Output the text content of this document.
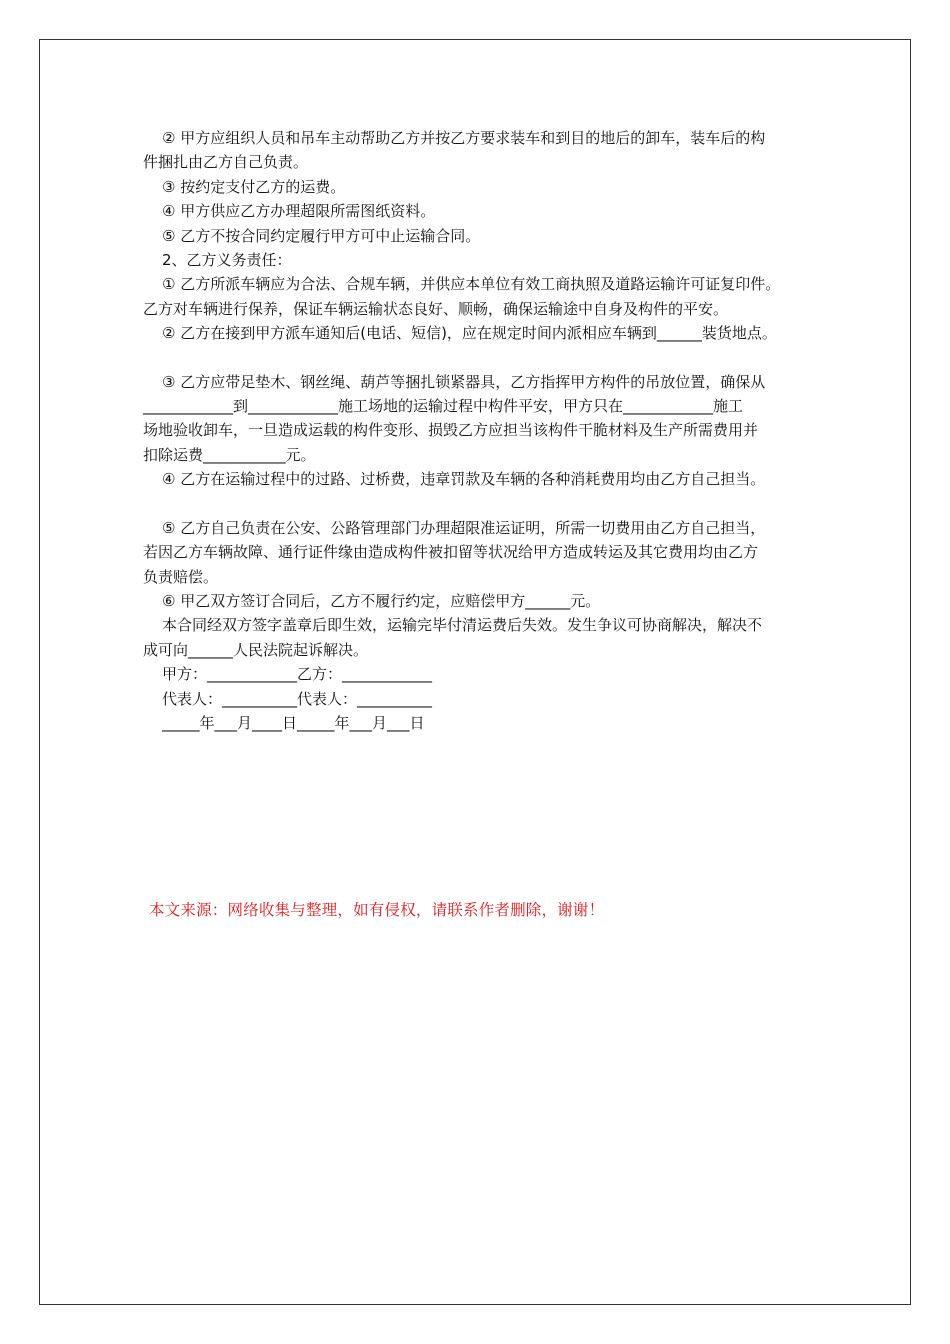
② 甲方应组织人员和吊车主动帮助乙方并按乙方要求装车和到目的地后的卸车，装车后的构
件捆扎由乙方自己负责。
③ 按约定支付乙方的运费。
④ 甲方供应乙方办理超限所需图纸资料。
⑤ 乙方不按合同约定履行甲方可中止运输合同。
2、乙方义务责任：
① 乙方所派车辆应为合法、合规车辆，并供应本单位有效工商执照及道路运输许可证复印件。
乙方对车辆进行保养，保证车辆运输状态良好、顺畅，确保运输途中自身及构件的平安。
② 乙方在接到甲方派车通知后(电话、短信)，应在规定时间内派相应车辆到______装货地点。
③ 乙方应带足垫木、钢丝绳、葫芦等捆扎锁紧器具，乙方指挥甲方构件的吊放位置，确保从
____________到____________施工场地的运输过程中构件平安，甲方只在____________施工
场地验收卸车，一旦造成运载的构件变形、损毁乙方应担当该构件干脆材料及生产所需费用并
扣除运费___________元。
④ 乙方在运输过程中的过路、过桥费，违章罚款及车辆的各种消耗费用均由乙方自己担当。
⑤ 乙方自己负责在公安、公路管理部门办理超限准运证明，所需一切费用由乙方自己担当，
若因乙方车辆故障、通行证件缘由造成构件被扣留等状况给甲方造成转运及其它费用均由乙方
负责赔偿。
⑥ 甲乙双方签订合同后，乙方不履行约定，应赔偿甲方______元。
本合同经双方签字盖章后即生效，运输完毕付清运费后失效。发生争议可协商解决，解决不
成可向______人民法院起诉解决。
甲方：____________乙方：____________
代表人：__________代表人：__________
_____年___月____日_____年___月___日
本文来源：网络收集与整理，如有侵权，请联系作者删除，谢谢！
